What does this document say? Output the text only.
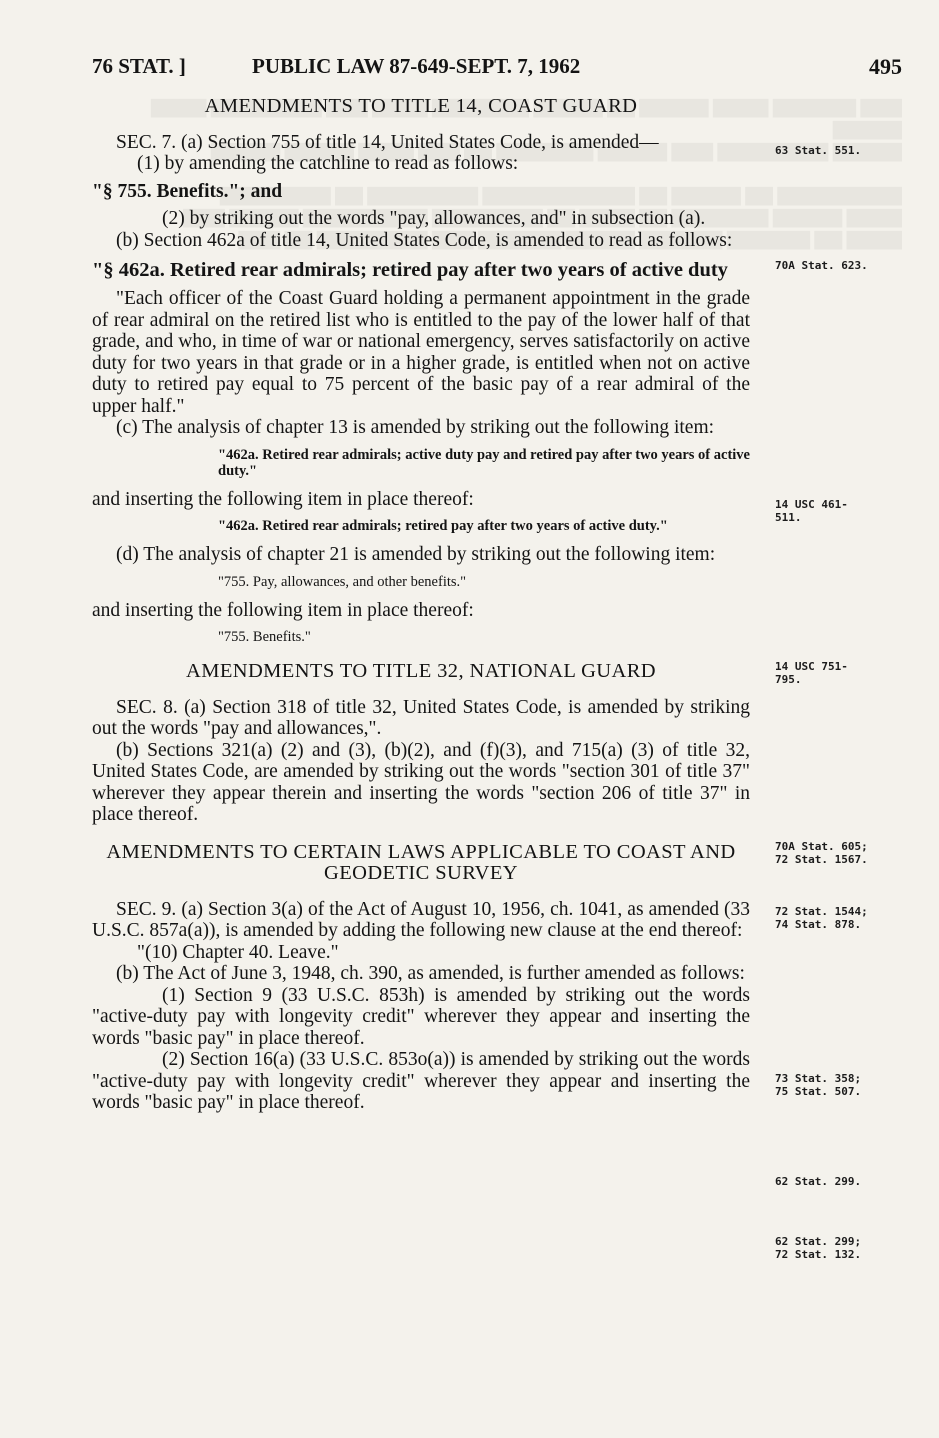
76 STAT. ]	PUBLIC LAW 87-649-SEPT. 7, 1962	495

AMENDMENTS TO TITLE 14, COAST GUARD

SEC. 7. (a) Section 755 of title 14, United States Code, is amended—

(1) by amending the catchline to read as follows:

"§ 755. Benefits."; and

(2) by striking out the words "pay, allowances, and" in subsection (a).

(b) Section 462a of title 14, United States Code, is amended to read as follows:

"§ 462a. Retired rear admirals; retired pay after two years of active duty

"Each officer of the Coast Guard holding a permanent appointment in the grade of rear admiral on the retired list who is entitled to the pay of the lower half of that grade, and who, in time of war or national emergency, serves satisfactorily on active duty for two years in that grade or in a higher grade, is entitled when not on active duty to retired pay equal to 75 percent of the basic pay of a rear admiral of the upper half."

(c) The analysis of chapter 13 is amended by striking out the following item:

"462a. Retired rear admirals; active duty pay and retired pay after two years of active duty."

and inserting the following item in place thereof:

"462a. Retired rear admirals; retired pay after two years of active duty."

(d) The analysis of chapter 21 is amended by striking out the following item:

"755. Pay, allowances, and other benefits."

and inserting the following item in place thereof:

"755. Benefits."

AMENDMENTS TO TITLE 32, NATIONAL GUARD

SEC. 8. (a) Section 318 of title 32, United States Code, is amended by striking out the words "pay and allowances,".

(b) Sections 321(a) (2) and (3), (b)(2), and (f)(3), and 715(a) (3) of title 32, United States Code, are amended by striking out the words "section 301 of title 37" wherever they appear therein and inserting the words "section 206 of title 37" in place thereof.

AMENDMENTS TO CERTAIN LAWS APPLICABLE TO COAST AND GEODETIC SURVEY

SEC. 9. (a) Section 3(a) of the Act of August 10, 1956, ch. 1041, as amended (33 U.S.C. 857a(a)), is amended by adding the following new clause at the end thereof:

"(10) Chapter 40. Leave."

(b) The Act of June 3, 1948, ch. 390, as amended, is further amended as follows:

(1) Section 9 (33 U.S.C. 853h) is amended by striking out the words "active-duty pay with longevity credit" wherever they appear and inserting the words "basic pay" in place thereof.

(2) Section 16(a) (33 U.S.C. 853o(a)) is amended by striking out the words "active-duty pay with longevity credit" wherever they appear and inserting the words "basic pay" in place thereof.

63 Stat. 551.
70A Stat. 623.
14 USC 461-
511.
14 USC 751-
795.
70A Stat. 605;
72 Stat. 1567.
72 Stat. 1544;
74 Stat. 878.
73 Stat. 358;
75 Stat. 507.
62 Stat. 299.
62 Stat. 299;
72 Stat. 132.
